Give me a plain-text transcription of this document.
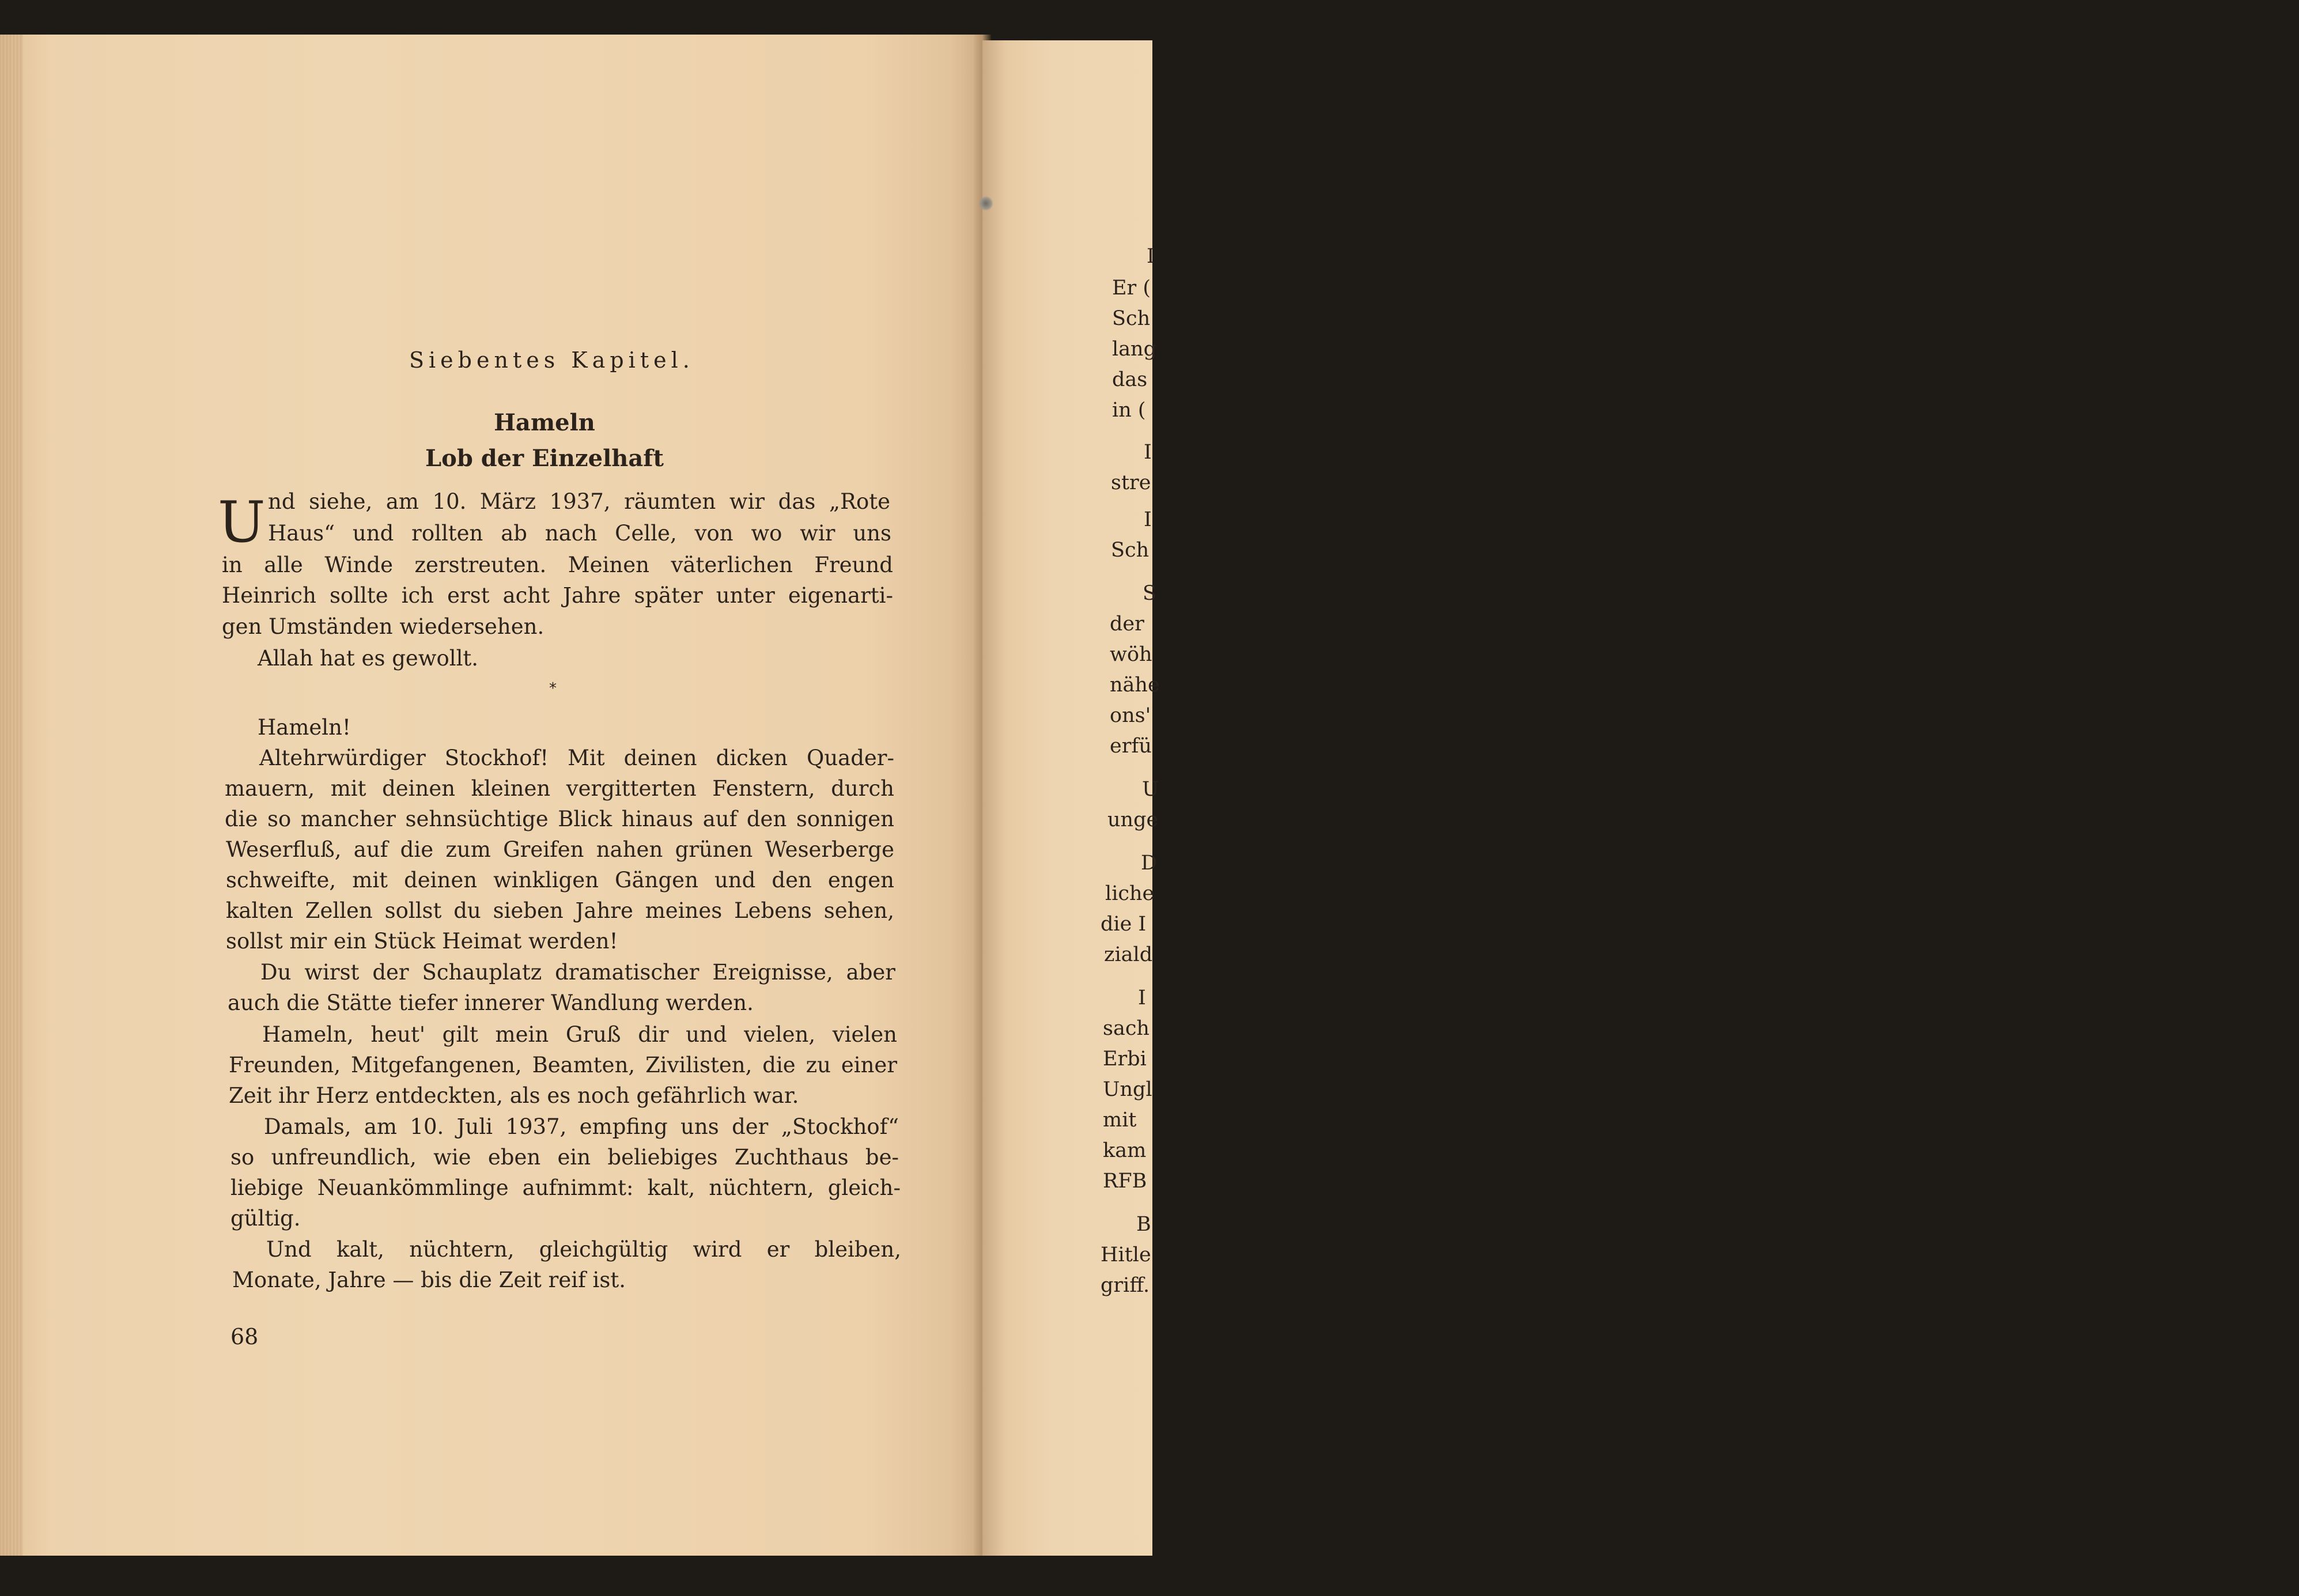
Siebentes Kapitel.
Hameln
Lob der Einzelhaft
U nd siehe, am 10. März 1937, räumten wir das „Rote
Haus“ und rollten ab nach Celle, von wo wir uns
in alle Winde zerstreuten. Meinen väterlichen Freund
Heinrich sollte ich erst acht Jahre später unter eigenarti-
gen Umständen wiedersehen.
Allah hat es gewollt.
*
Hameln!
Altehrwürdiger Stockhof! Mit deinen dicken Quader-
mauern, mit deinen kleinen vergitterten Fenstern, durch
die so mancher sehnsüchtige Blick hinaus auf den sonnigen
Weserfluß, auf die zum Greifen nahen grünen Weserberge
schweifte, mit deinen winkligen Gängen und den engen
kalten Zellen sollst du sieben Jahre meines Lebens sehen,
sollst mir ein Stück Heimat werden!
Du wirst der Schauplatz dramatischer Ereignisse, aber
auch die Stätte tiefer innerer Wandlung werden.
Hameln, heut' gilt mein Gruß dir und vielen, vielen
Freunden, Mitgefangenen, Beamten, Zivilisten, die zu einer
Zeit ihr Herz entdeckten, als es noch gefährlich war.
Damals, am 10. Juli 1937, empfing uns der „Stockhof“
so unfreundlich, wie eben ein beliebiges Zuchthaus be-
liebige Neuankömmlinge aufnimmt: kalt, nüchtern, gleich-
gültig.
Und kalt, nüchtern, gleichgültig wird er bleiben,
Monate, Jahre — bis die Zeit reif ist.
68
I
Er (
Sch
lang
das
in (
I
stre
I
Sch
S
der
wöh
nähe
ons'
erfü
U
unge
D
liche
die I
ziald
I
sach
Erbi
Ungl
mit
kam
RFB
B
Hitle
griff.
